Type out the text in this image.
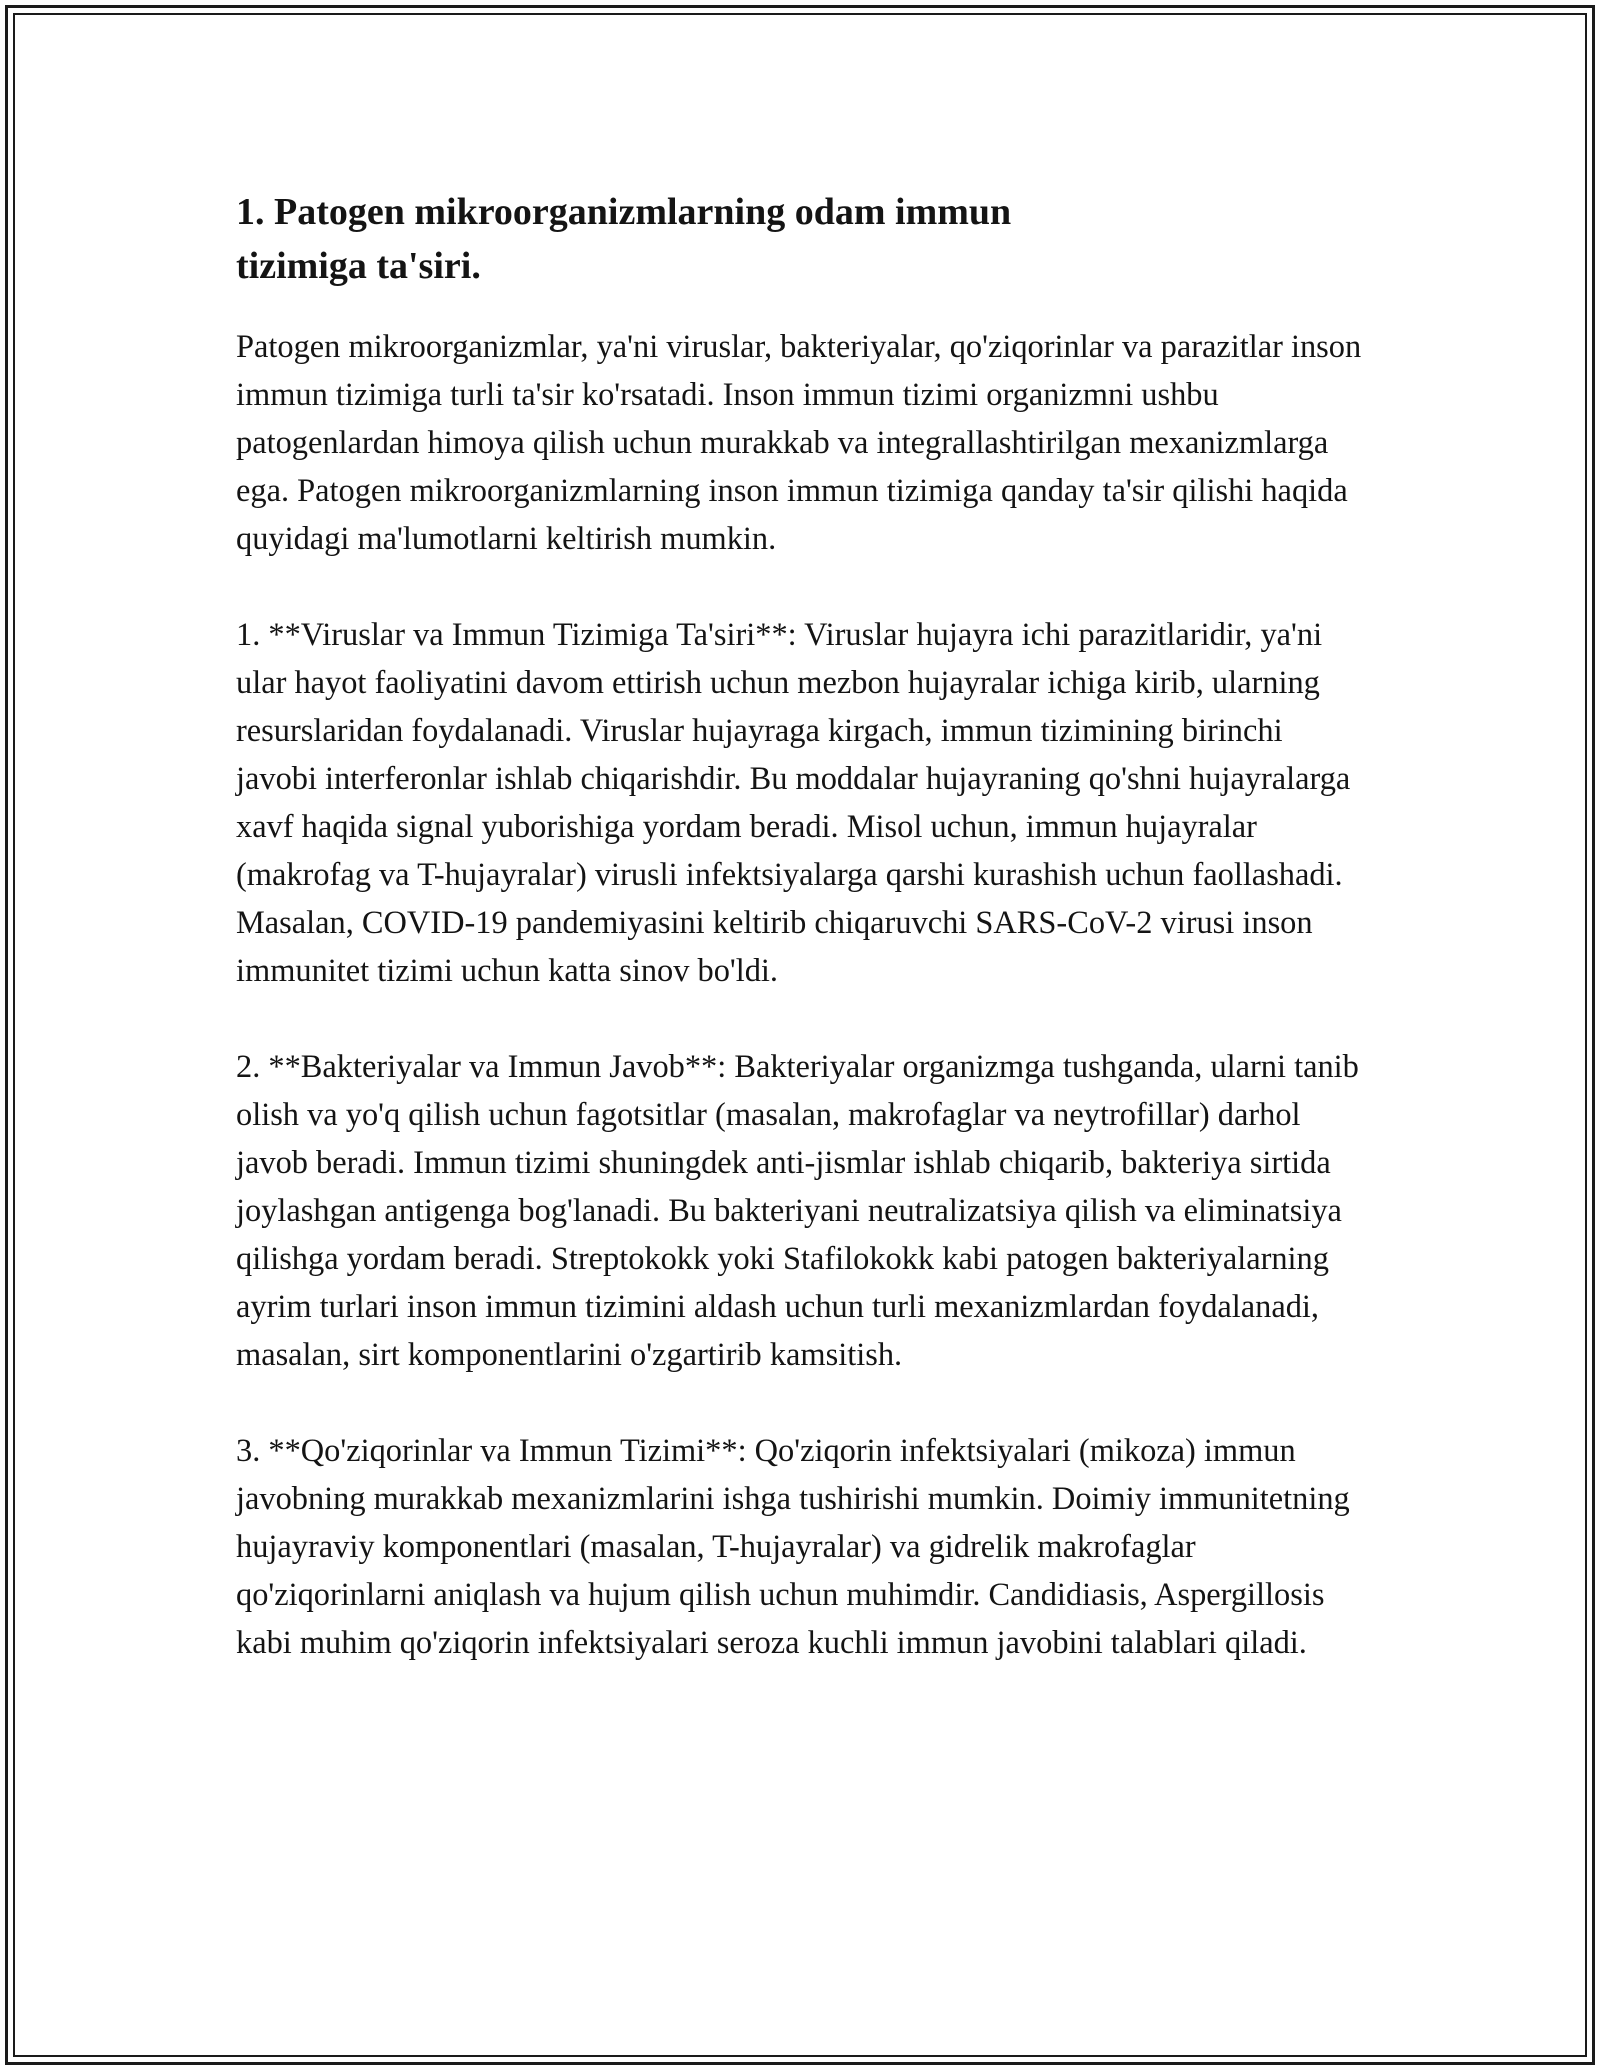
1. Patogen mikroorganizmlarning odam immun tizimiga ta'siri.

Patogen mikroorganizmlar, ya'ni viruslar, bakteriyalar, qo'ziqorinlar va parazitlar inson immun tizimiga turli ta'sir ko'rsatadi. Inson immun tizimi organizmni ushbu patogenlardan himoya qilish uchun murakkab va integrallashtirilgan mexanizmlarga ega. Patogen mikroorganizmlarning inson immun tizimiga qanday ta'sir qilishi haqida quyidagi ma'lumotlarni keltirish mumkin.

1. **Viruslar va Immun Tizimiga Ta'siri**: Viruslar hujayra ichi parazitlaridir, ya'ni ular hayot faoliyatini davom ettirish uchun mezbon hujayralar ichiga kirib, ularning resurslaridan foydalanadi. Viruslar hujayraga kirgach, immun tizimining birinchi javobi interferonlar ishlab chiqarishdir. Bu moddalar hujayraning qo'shni hujayralarga xavf haqida signal yuborishiga yordam beradi. Misol uchun, immun hujayralar (makrofag va T-hujayralar) virusli infektsiyalarga qarshi kurashish uchun faollashadi. Masalan, COVID-19 pandemiyasini keltirib chiqaruvchi SARS-CoV-2 virusi inson immunitet tizimi uchun katta sinov bo'ldi.

2. **Bakteriyalar va Immun Javob**: Bakteriyalar organizmga tushganda, ularni tanib olish va yo'q qilish uchun fagotsitlar (masalan, makrofaglar va neytrofillar) darhol javob beradi. Immun tizimi shuningdek anti-jismlar ishlab chiqarib, bakteriya sirtida joylashgan antigenga bog'lanadi. Bu bakteriyani neutralizatsiya qilish va eliminatsiya qilishga yordam beradi. Streptokokk yoki Stafilokokk kabi patogen bakteriyalarning ayrim turlari inson immun tizimini aldash uchun turli mexanizmlardan foydalanadi, masalan, sirt komponentlarini o'zgartirib kamsitish.

3. **Qo'ziqorinlar va Immun Tizimi**: Qo'ziqorin infektsiyalari (mikoza) immun javobning murakkab mexanizmlarini ishga tushirishi mumkin. Doimiy immunitetning hujayraviy komponentlari (masalan, T-hujayralar) va gidrelik makrofaglar qo'ziqorinlarni aniqlash va hujum qilish uchun muhimdir. Candidiasis, Aspergillosis kabi muhim qo'ziqorin infektsiyalari seroza kuchli immun javobini talablari qiladi.
